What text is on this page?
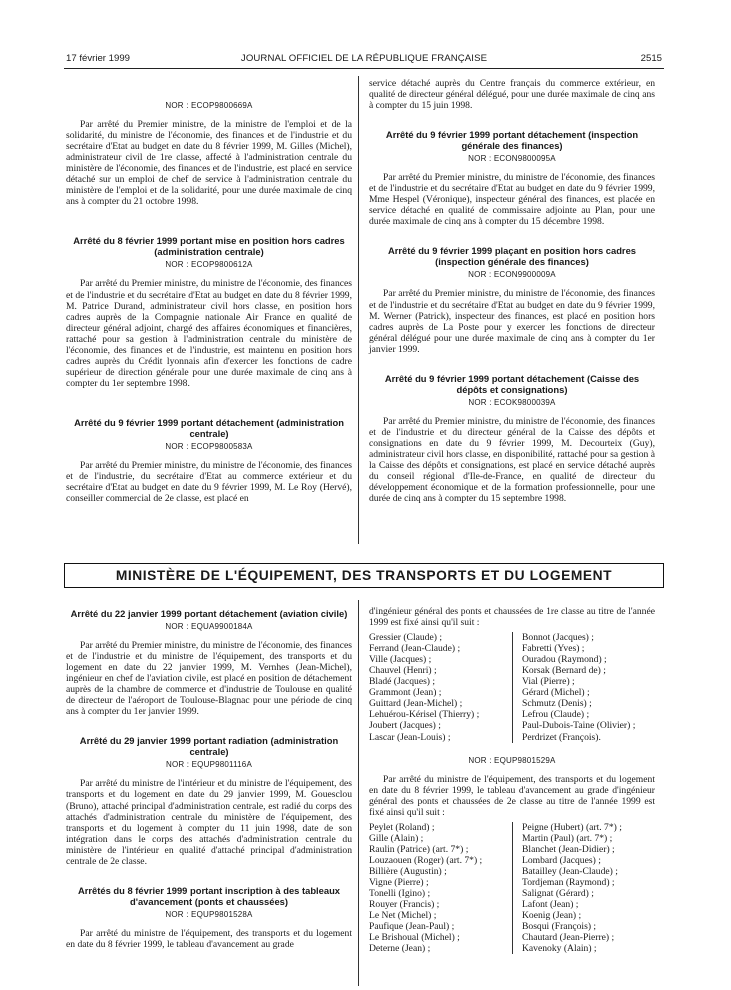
JOURNAL OFFICIEL DE LA RÉPUBLIQUE FRANÇAISE
17 février 1999	2515
NOR : ECOP9800669A

Par arrêté du Premier ministre, de la ministre de l'emploi et de la solidarité, du ministre de l'économie, des finances et de l'industrie et du secrétaire d'Etat au budget en date du 8 février 1999, M. Gilles (Michel), administrateur civil de 1re classe, affecté à l'administration centrale du ministère de l'économie, des finances et de l'industrie, est placé en service détaché sur un emploi de chef de service à l'administration centrale du ministère de l'emploi et de la solidarité, pour une durée maximale de cinq ans à compter du 21 octobre 1998.

Arrêté du 8 février 1999 portant mise en position hors cadres (administration centrale)
NOR : ECOP9800612A

Par arrêté du Premier ministre, du ministre de l'économie, des finances et de l'industrie et du secrétaire d'Etat au budget en date du 8 février 1999, M. Patrice Durand, administrateur civil hors classe, en position hors cadres auprès de la Compagnie nationale Air France en qualité de directeur général adjoint, chargé des affaires économiques et financières, rattaché pour sa gestion à l'administration centrale du ministère de l'économie, des finances et de l'industrie, est maintenu en position hors cadres auprès du Crédit lyonnais afin d'exercer les fonctions de cadre supérieur de direction générale pour une durée maximale de cinq ans à compter du 1er septembre 1998.

Arrêté du 9 février 1999 portant détachement (administration centrale)
NOR : ECOP9800583A

Par arrêté du Premier ministre, du ministre de l'économie, des finances et de l'industrie, du secrétaire d'Etat au commerce extérieur et du secrétaire d'Etat au budget en date du 9 février 1999, M. Le Roy (Hervé), conseiller commercial de 2e classe, est placé en

service détaché auprès du Centre français du commerce extérieur, en qualité de directeur général délégué, pour une durée maximale de cinq ans à compter du 15 juin 1998.

Arrêté du 9 février 1999 portant détachement (inspection générale des finances)
NOR : ECON9800095A

Par arrêté du Premier ministre, du ministre de l'économie, des finances et de l'industrie et du secrétaire d'Etat au budget en date du 9 février 1999, Mme Hespel (Véronique), inspecteur général des finances, est placée en service détaché en qualité de commissaire adjointe au Plan, pour une durée maximale de cinq ans à compter du 15 décembre 1998.

Arrêté du 9 février 1999 plaçant en position hors cadres (inspection générale des finances)
NOR : ECON9900009A

Par arrêté du Premier ministre, du ministre de l'économie, des finances et de l'industrie et du secrétaire d'Etat au budget en date du 9 février 1999, M. Werner (Patrick), inspecteur des finances, est placé en position hors cadres auprès de La Poste pour y exercer les fonctions de directeur général délégué pour une durée maximale de cinq ans à compter du 1er janvier 1999.

Arrêté du 9 février 1999 portant détachement (Caisse des dépôts et consignations)
NOR : ECOK9800039A

Par arrêté du Premier ministre, du ministre de l'économie, des finances et de l'industrie et du directeur général de la Caisse des dépôts et consignations en date du 9 février 1999, M. Decourteix (Guy), administrateur civil hors classe, en disponibilité, rattaché pour sa gestion à la Caisse des dépôts et consignations, est placé en service détaché auprès du conseil régional d'Ile-de-France, en qualité de directeur du développement économique et de la formation professionnelle, pour une durée de cinq ans à compter du 15 septembre 1998.

MINISTÈRE DE L'ÉQUIPEMENT, DES TRANSPORTS ET DU LOGEMENT
Arrêté du 22 janvier 1999 portant détachement (aviation civile)
NOR : EQUA9900184A

Par arrêté du Premier ministre, du ministre de l'économie, des finances et de l'industrie et du ministre de l'équipement, des transports et du logement en date du 22 janvier 1999, M. Vernhes (Jean-Michel), ingénieur en chef de l'aviation civile, est placé en position de détachement auprès de la chambre de commerce et d'industrie de Toulouse en qualité de directeur de l'aéroport de Toulouse-Blagnac pour une période de cinq ans à compter du 1er janvier 1999.

Arrêté du 29 janvier 1999 portant radiation (administration centrale)
NOR : EQUP9801116A

Par arrêté du ministre de l'intérieur et du ministre de l'équipement, des transports et du logement en date du 29 janvier 1999, M. Gouesclou (Bruno), attaché principal d'administration centrale, est radié du corps des attachés d'administration centrale du ministère de l'équipement, des transports et du logement à compter du 11 juin 1998, date de son intégration dans le corps des attachés d'administration centrale du ministère de l'intérieur en qualité d'attaché principal d'administration centrale de 2e classe.

Arrêtés du 8 février 1999 portant inscription à des tableaux d'avancement (ponts et chaussées)
NOR : EQUP9801528A

Par arrêté du ministre de l'équipement, des transports et du logement en date du 8 février 1999, le tableau d'avancement au grade

d'ingénieur général des ponts et chaussées de 1re classe au titre de l'année 1999 est fixé ainsi qu'il suit :

Gressier (Claude) ;
Ferrand (Jean-Claude) ;
Ville (Jacques) ;
Chauvel (Henri) ;
Bladé (Jacques) ;
Grammont (Jean) ;
Guittard (Jean-Michel) ;
Lehuérou-Kérisel (Thierry) ;
Joubert (Jacques) ;
Lascar (Jean-Louis) ;
Bonnot (Jacques) ;
Fabretti (Yves) ;
Ouradou (Raymond) ;
Korsak (Bernard de) ;
Vial (Pierre) ;
Gérard (Michel) ;
Schmutz (Denis) ;
Lefrou (Claude) ;
Paul-Dubois-Taine (Olivier) ;
Perdrizet (François).
NOR : EQUP9801529A

Par arrêté du ministre de l'équipement, des transports et du logement en date du 8 février 1999, le tableau d'avancement au grade d'ingénieur général des ponts et chaussées de 2e classe au titre de l'année 1999 est fixé ainsi qu'il suit :

Peylet (Roland) ;
Gille (Alain) ;
Raulin (Patrice) (art. 7*) ;
Louzaouen (Roger) (art. 7*) ;
Billière (Augustin) ;
Vigne (Pierre) ;
Tonelli (Igino) ;
Rouyer (Francis) ;
Le Net (Michel) ;
Paufique (Jean-Paul) ;
Le Brishoual (Michel) ;
Deterne (Jean) ;
Peigne (Hubert) (art. 7*) ;
Martin (Paul) (art. 7*) ;
Blanchet (Jean-Didier) ;
Lombard (Jacques) ;
Batailley (Jean-Claude) ;
Tordjeman (Raymond) ;
Salignat (Gérard) ;
Lafont (Jean) ;
Koenig (Jean) ;
Bosqui (François) ;
Chautard (Jean-Pierre) ;
Kavenoky (Alain) ;
